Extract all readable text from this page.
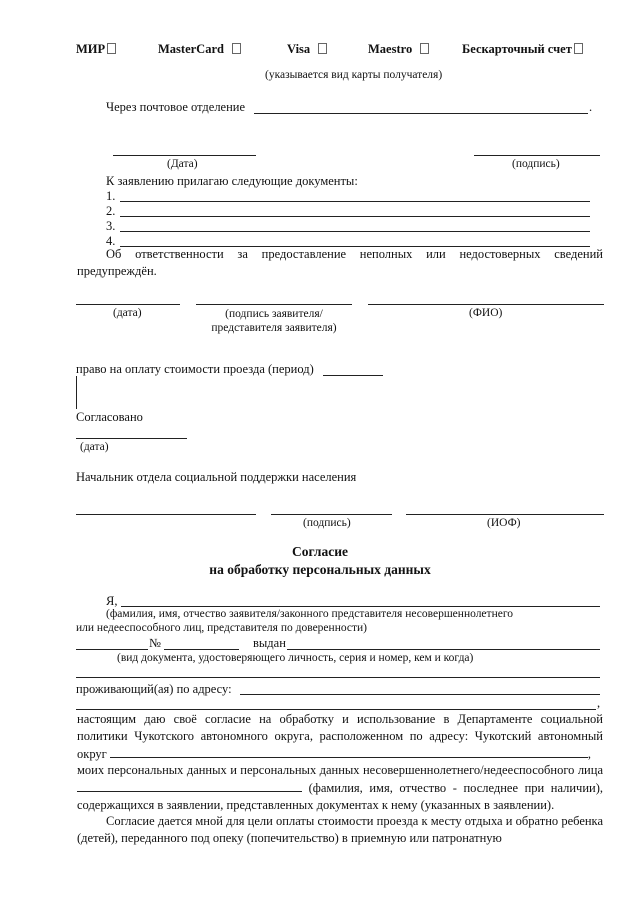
МИР	MasterCard	Visa	Maestro	Бескарточный счет
(указывается вид карты получателя)
Через почтовое отделение	.
(Дата)	(подпись)
К заявлению прилагаю следующие документы:
1.
2.
3.
4.
Об ответственности за предоставление неполных или недостоверных сведений предупреждён.
(дата)	(подпись заявителя/представителя заявителя)
(ФИО)
право на оплату стоимости проезда (период)
Согласовано
(дата)
Начальник отдела социальной поддержки населения
(подпись)	(ИОФ)
Согласие
на обработку персональных данных
Я,
(фамилия, имя, отчество заявителя/законного представителя несовершеннолетнего
или недееспособного лиц, представителя по доверенности)
№	выдан
(вид документа, удостоверяющего личность, серия и номер, кем и когда)
проживающий(ая) по адресу:
,
настоящим даю своё согласие на обработку и использование в Департаменте социальной политики Чукотского автономного округа, расположенном по адресу: Чукотский автономный округ	,
моих персональных данных и персональных данных несовершеннолетнего/недееспособного лица  (фамилия, имя, отчество - последнее при наличии), содержащихся в заявлении, представленных документах к нему (указанных в заявлении).
Согласие дается мной для цели оплаты стоимости проезда к месту отдыха и обратно ребенка (детей), переданного под опеку (попечительство) в приемную или патронатную
